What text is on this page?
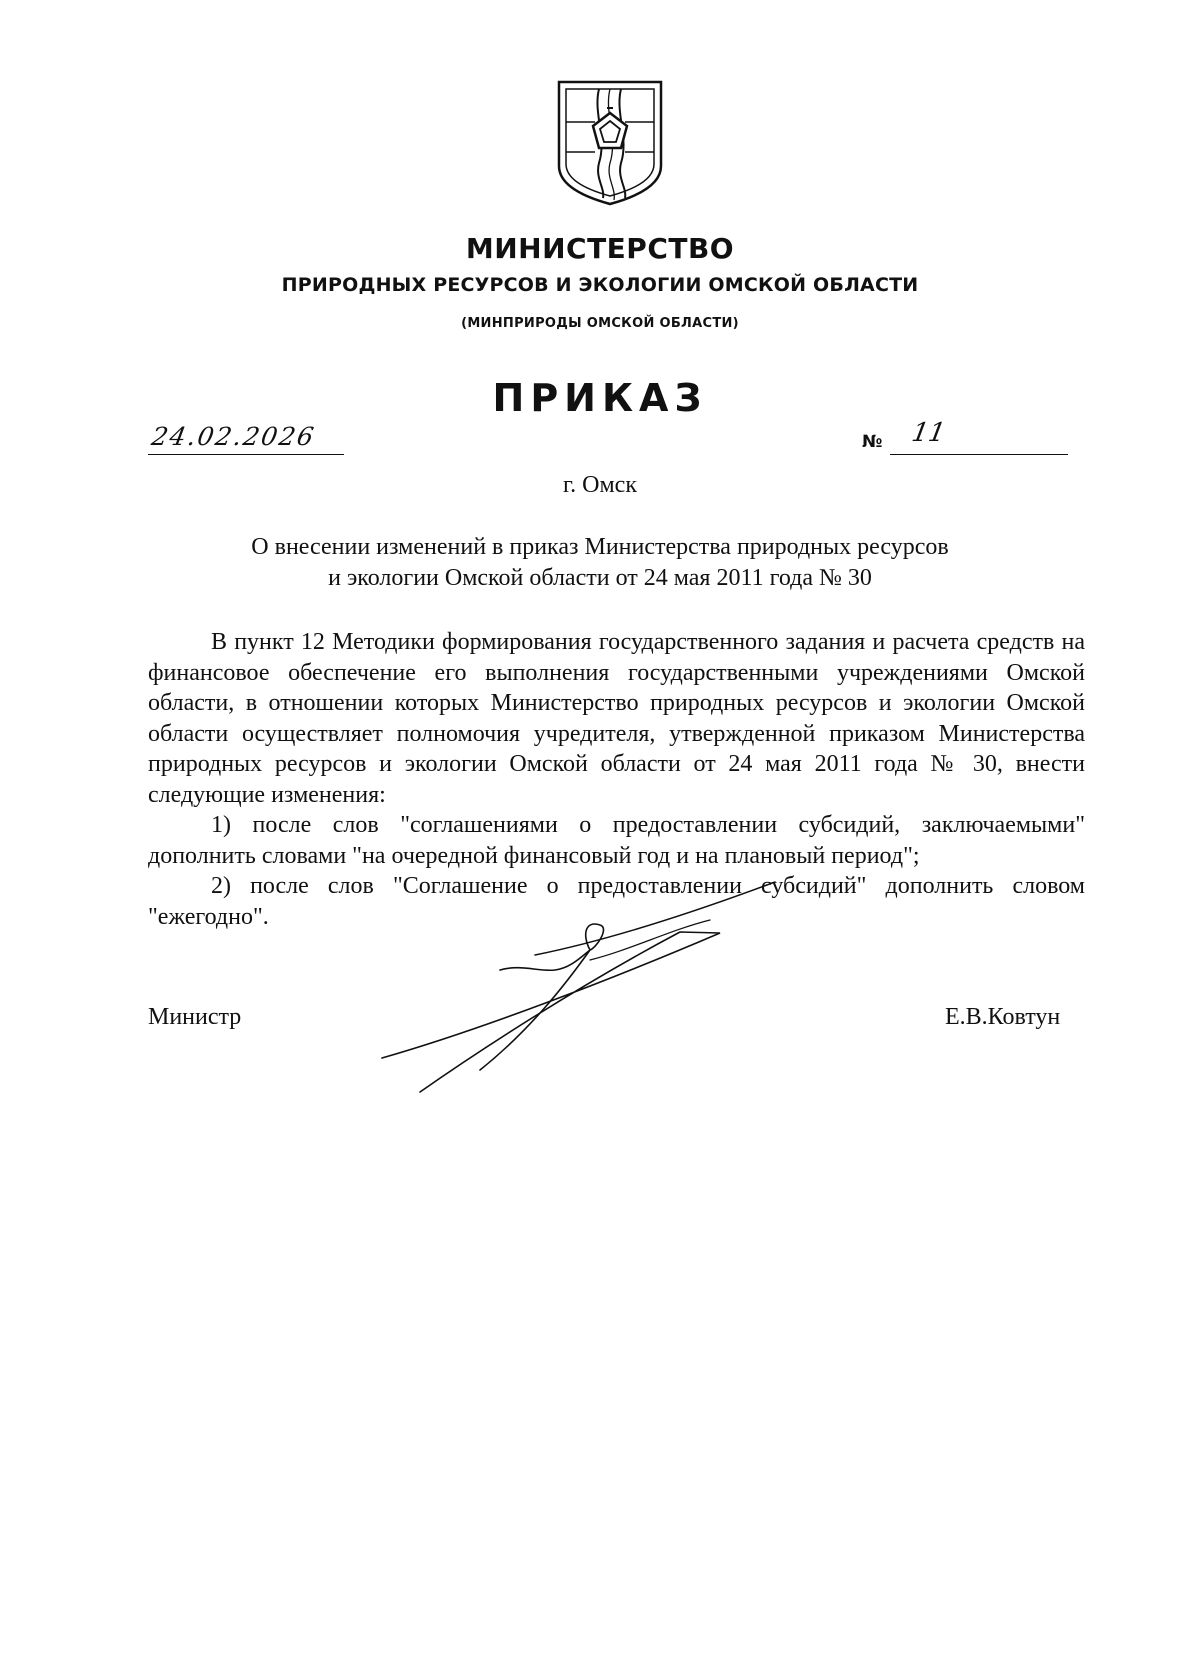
МИНИСТЕРСТВО
ПРИРОДНЫХ РЕСУРСОВ И ЭКОЛОГИИ ОМСКОЙ ОБЛАСТИ
(МИНПРИРОДЫ ОМСКОЙ ОБЛАСТИ)
ПРИКАЗ
24.02.2026	№ 11
г. Омск
О внесении изменений в приказ Министерства природных ресурсов
и экологии Омской области от 24 мая 2011 года № 30

В пункт 12 Методики формирования государственного задания и расчета средств на финансовое обеспечение его выполнения государственными учреждениями Омской области, в отношении которых Министерство природных ресурсов и экологии Омской области осуществляет полномочия учредителя, утвержденной приказом Министерства природных ресурсов и экологии Омской области от 24 мая 2011 года № 30, внести следующие изменения:

1) после слов "соглашениями о предоставлении субсидий, заключаемыми" дополнить словами "на очередной финансовый год и на плановый период";

2) после слов "Соглашение о предоставлении субсидий" дополнить словом "ежегодно".

Министр	Е.В.Ковтун
